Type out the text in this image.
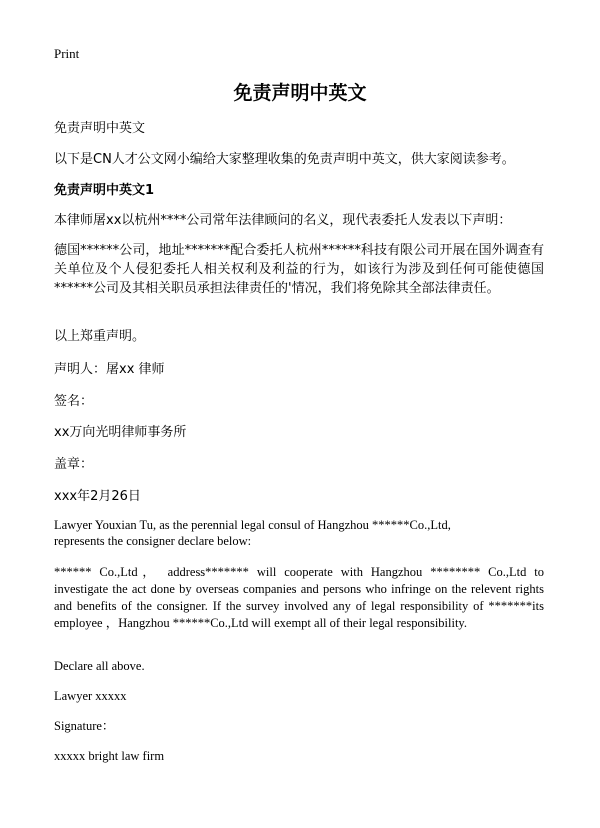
Print
免责声明中英文
免责声明中英文
以下是CN人才公文网小编给大家整理收集的免责声明中英文，供大家阅读参考。
免责声明中英文1
本律师屠xx以杭州****公司常年法律顾问的名义，现代表委托人发表以下声明：
德国******公司，地址*******配合委托人杭州******科技有限公司开展在国外调查有关单位及个人侵犯委托人相关权利及利益的行为，如该行为涉及到任何可能使德国******公司及其相关职员承担法律责任的'情况，我们将免除其全部法律责任。
以上郑重声明。
声明人：屠xx 律师
签名：
xx万向光明律师事务所
盖章：
xxx年2月26日
Lawyer Youxian Tu, as the perennial legal consul of Hangzhou ******Co.,Ltd,
represents the consigner declare below:
****** Co.,Ltd， address******* will cooperate with Hangzhou ******** Co.,Ltd to investigate the act done by overseas companies and persons who infringe on the relevent rights and benefits of the consigner. If the survey involved any of legal responsibility of *******its employee ，Hangzhou ******Co.,Ltd will exempt all of their legal responsibility.
Declare all above.
Lawyer xxxxx
Signature：
xxxxx bright law firm
